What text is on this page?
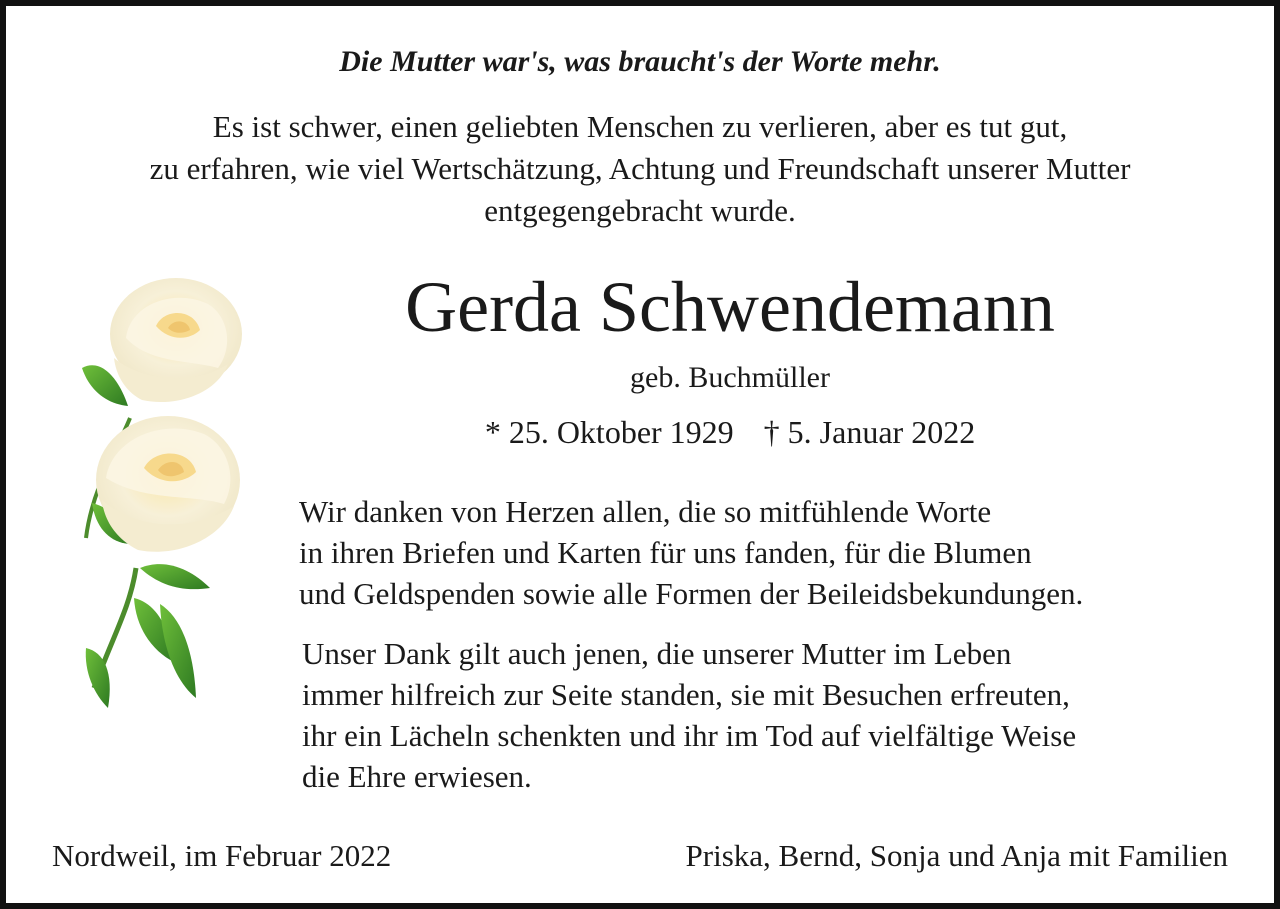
Die Mutter war's, was braucht's der Worte mehr.
Es ist schwer, einen geliebten Menschen zu verlieren, aber es tut gut,
zu erfahren, wie viel Wertschätzung, Achtung und Freundschaft unserer Mutter
entgegengebracht wurde.
Gerda Schwendemann
geb. Buchmüller
* 25. Oktober 1929 † 5. Januar 2022
Wir danken von Herzen allen, die so mitfühlende Worte
in ihren Briefen und Karten für uns fanden, für die Blumen
und Geldspenden sowie alle Formen der Beileidsbekundungen.
Unser Dank gilt auch jenen, die unserer Mutter im Leben
immer hilfreich zur Seite standen, sie mit Besuchen erfreuten,
ihr ein Lächeln schenkten und ihr im Tod auf vielfältige Weise
die Ehre erwiesen.
Nordweil, im Februar 2022	Priska, Bernd, Sonja und Anja mit Familien
